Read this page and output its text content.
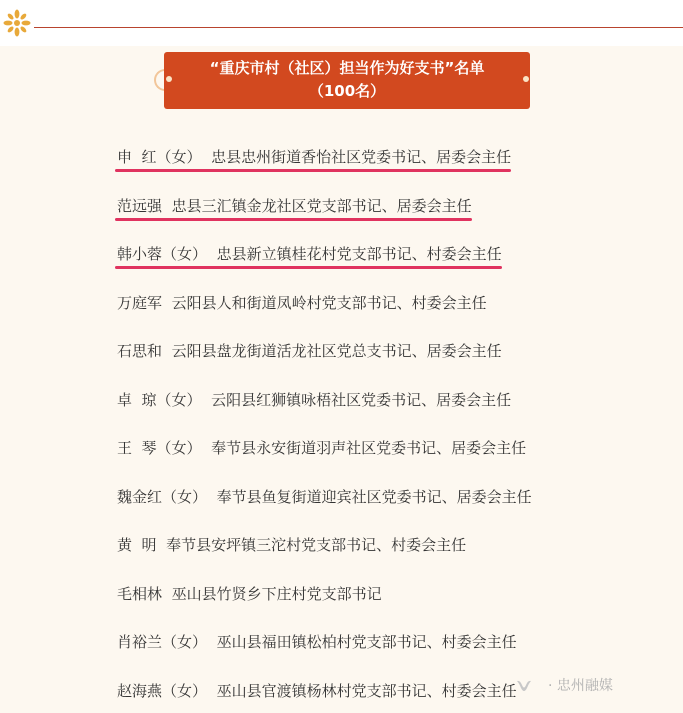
“重庆市村（社区）担当作为好支书”名单
（100名）
申  红（女） 忠县忠州街道香怡社区党委书记、居委会主任
范远强 忠县三汇镇金龙社区党支部书记、居委会主任
韩小蓉（女） 忠县新立镇桂花村党支部书记、村委会主任
万庭军 云阳县人和街道凤岭村党支部书记、村委会主任
石思和 云阳县盘龙街道活龙社区党总支书记、居委会主任
卓  琼（女） 云阳县红狮镇咏梧社区党委书记、居委会主任
王  琴（女） 奉节县永安街道羽声社区党委书记、居委会主任
魏金红（女） 奉节县鱼复街道迎宾社区党委书记、居委会主任
黄  明 奉节县安坪镇三沱村党支部书记、村委会主任
毛相林 巫山县竹贤乡下庄村党支部书记
肖裕兰（女） 巫山县福田镇松柏村党支部书记、村委会主任
赵海燕（女） 巫山县官渡镇杨林村党支部书记、村委会主任 · 忠州融媒
